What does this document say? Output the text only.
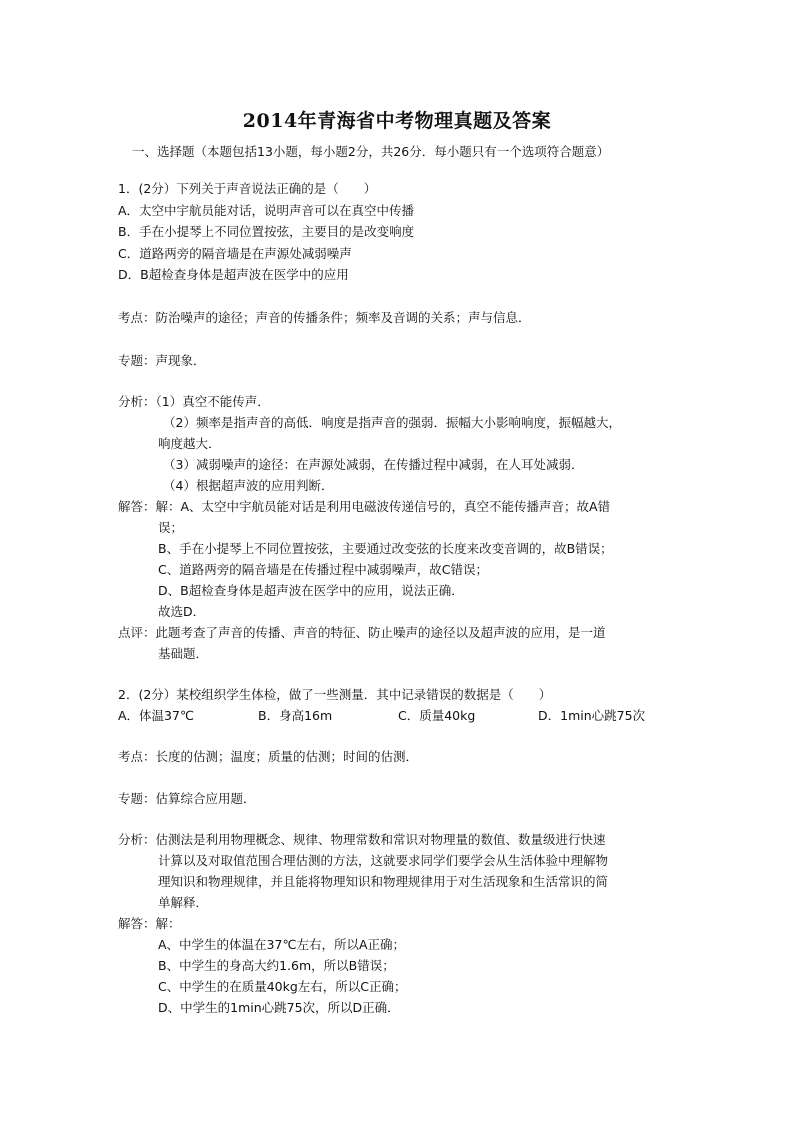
2014年青海省中考物理真题及答案
一、选择题（本题包括13小题，每小题2分，共26分．每小题只有一个选项符合题意）
1．(2分）下列关于声音说法正确的是（　　）
A．太空中宇航员能对话，说明声音可以在真空中传播
B．手在小提琴上不同位置按弦，主要目的是改变响度
C．道路两旁的隔音墙是在声源处减弱噪声
D．B超检查身体是超声波在医学中的应用
考点：防治噪声的途径；声音的传播条件；频率及音调的关系；声与信息．
专题：声现象．
分析：（1）真空不能传声．
（2）频率是指声音的高低．响度是指声音的强弱．振幅大小影响响度，振幅越大，
响度越大．
（3）减弱噪声的途径：在声源处减弱，在传播过程中减弱，在人耳处减弱．
（4）根据超声波的应用判断．
解答：解：A、太空中宇航员能对话是利用电磁波传递信号的，真空不能传播声音；故A错
误；
B、手在小提琴上不同位置按弦，主要通过改变弦的长度来改变音调的，故B错误；
C、道路两旁的隔音墙是在传播过程中减弱噪声，故C错误；
D、B超检查身体是超声波在医学中的应用，说法正确．
故选D．
点评：此题考查了声音的传播、声音的特征、防止噪声的途径以及超声波的应用，是一道
基础题．
2．(2分）某校组织学生体检，做了一些测量．其中记录错误的数据是（　　）
A．体温37℃	B．身高16m	C．质量40kg	D．1min心跳75次
考点：长度的估测；温度；质量的估测；时间的估测．
专题：估算综合应用题．
分析：估测法是利用物理概念、规律、物理常数和常识对物理量的数值、数量级进行快速
计算以及对取值范围合理估测的方法，这就要求同学们要学会从生活体验中理解物
理知识和物理规律，并且能将物理知识和物理规律用于对生活现象和生活常识的简
单解释．
解答：解：
A、中学生的体温在37℃左右，所以A正确；
B、中学生的身高大约1.6m，所以B错误；
C、中学生的在质量40kg左右，所以C正确；
D、中学生的1min心跳75次，所以D正确．
